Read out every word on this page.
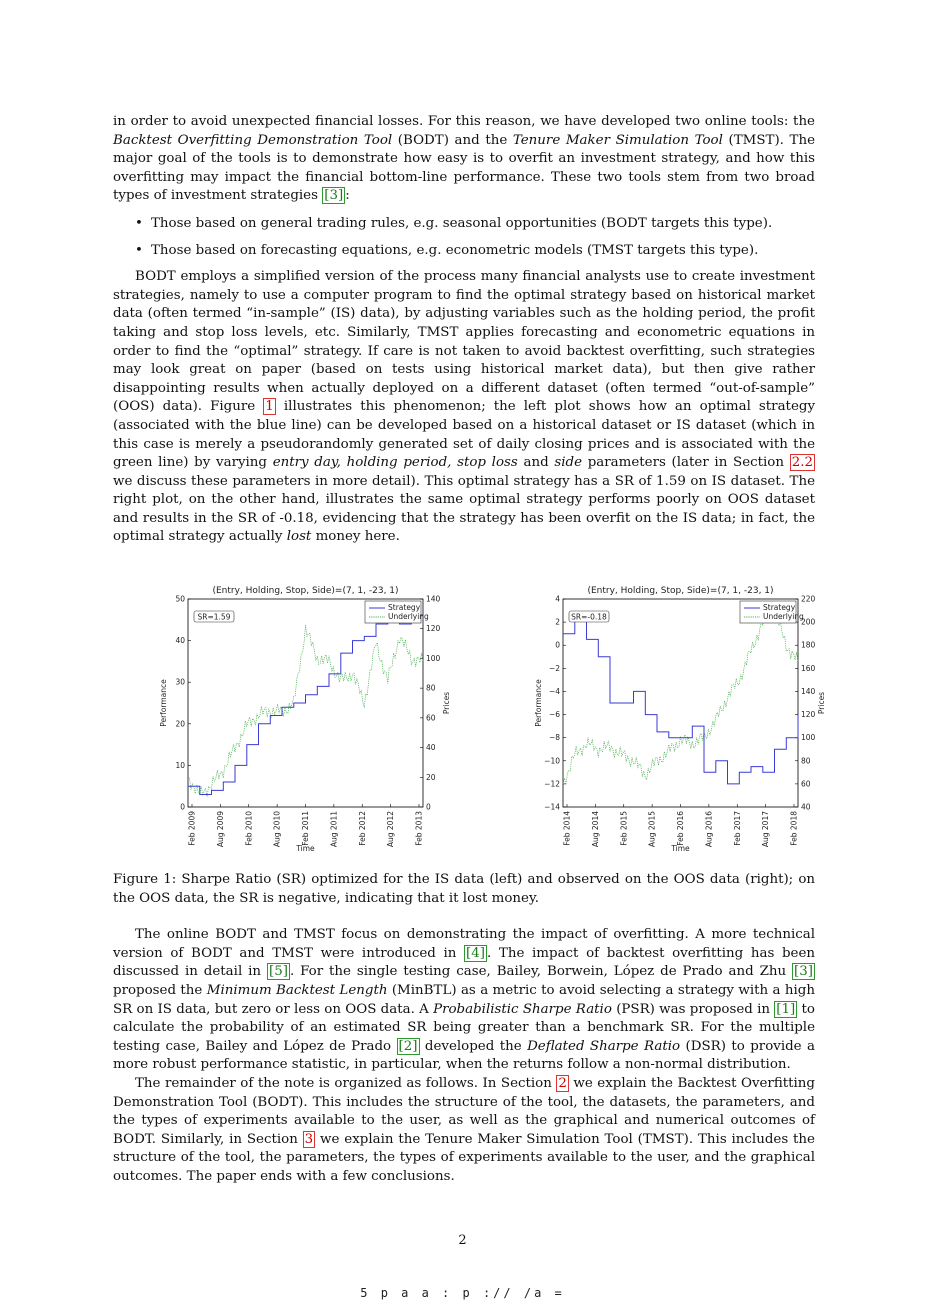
in order to avoid unexpected financial losses. For this reason, we have developed two online tools: the Backtest Overfitting Demonstration Tool (BODT) and the Tenure Maker Simulation Tool (TMST). The major goal of the tools is to demonstrate how easy is to overfit an investment strategy, and how this overfitting may impact the financial bottom-line performance. These two tools stem from two broad types of investment strategies [3] :

• Those based on general trading rules, e.g. seasonal opportunities (BODT targets this type).
• Those based on forecasting equations, e.g. econometric models (TMST targets this type).

BODT employs a simplified version of the process many financial analysts use to create investment strategies, namely to use a computer program to find the optimal strategy based on historical market data (often termed “in-sample” (IS) data), by adjusting variables such as the holding period, the profit taking and stop loss levels, etc. Similarly, TMST applies forecasting and econometric equations in order to find the “optimal” strategy. If care is not taken to avoid backtest overfitting, such strategies may look great on paper (based on tests using historical market data), but then give rather disappointing results when actually deployed on a different dataset (often termed “out-of-sample” (OOS) data). Figure 1 illustrates this phenomenon; the left plot shows how an optimal strategy (associated with the blue line) can be developed based on a historical dataset or IS dataset (which in this case is merely a pseudorandomly generated set of daily closing prices and is associated with the green line) by varying entry day, holding period, stop loss and side parameters (later in Section 2.2 we discuss these parameters in more detail). This optimal strategy has a SR of 1.59 on IS dataset. The right plot, on the other hand, illustrates the same optimal strategy performs poorly on OOS dataset and results in the SR of -0.18, evidencing that the strategy has been overfit on the IS data; in fact, the optimal strategy actually lost money here.

(Entry, Holding, Stop, Side)=(7, 1, -23, 1)
0
10
20
30
40
50
0
20
40
60
80
100
120
140
Feb 2009	Aug 2009	Feb 2010	Aug 2010	Feb 2011	Aug 2011	Feb 2012	Aug 2012	Feb 2013
Time
Performance	Prices
SR=1.59
Strategy
Underlying
(Entry, Holding, Stop, Side)=(7, 1, -23, 1)
−14
−12
−10
−8
−6
−4
−2
0
2
4
40
60
80
100
120
140
160
180
200
220
Feb 2014	Aug 2014	Feb 2015	Aug 2015	Feb 2016	Aug 2016	Feb 2017	Aug 2017	Feb 2018
Time
Performance	Prices
SR=-0.18
Strategy
Underlying

Figure 1: Sharpe Ratio (SR) optimized for the IS data (left) and observed on the OOS data (right); on the OOS data, the SR is negative, indicating that it lost money.

The online BODT and TMST focus on demonstrating the impact of overfitting. A more technical version of BODT and TMST were introduced in [4] . The impact of backtest overfitting has been discussed in detail in [5] . For the single testing case, Bailey, Borwein, López de Prado and Zhu [3] proposed the Minimum Backtest Length (MinBTL) as a metric to avoid selecting a strategy with a high SR on IS data, but zero or less on OOS data. A Probabilistic Sharpe Ratio (PSR) was proposed in [1] to calculate the probability of an estimated SR being greater than a benchmark SR. For the multiple testing case, Bailey and López de Prado [2] developed the Deflated Sharpe Ratio (DSR) to provide a more robust performance statistic, in particular, when the returns follow a non-normal distribution.

The remainder of the note is organized as follows. In Section 2 we explain the Backtest Overfitting Demonstration Tool (BODT). This includes the structure of the tool, the datasets, the parameters, and the types of experiments available to the user, as well as the graphical and numerical outcomes of BODT. Similarly, in Section 3 we explain the Tenure Maker Simulation Tool (TMST). This includes the structure of the tool, the parameters, the types of experiments available to the user, and the graphical outcomes. The paper ends with a few conclusions.

2
5 p a a : p :// /a =
